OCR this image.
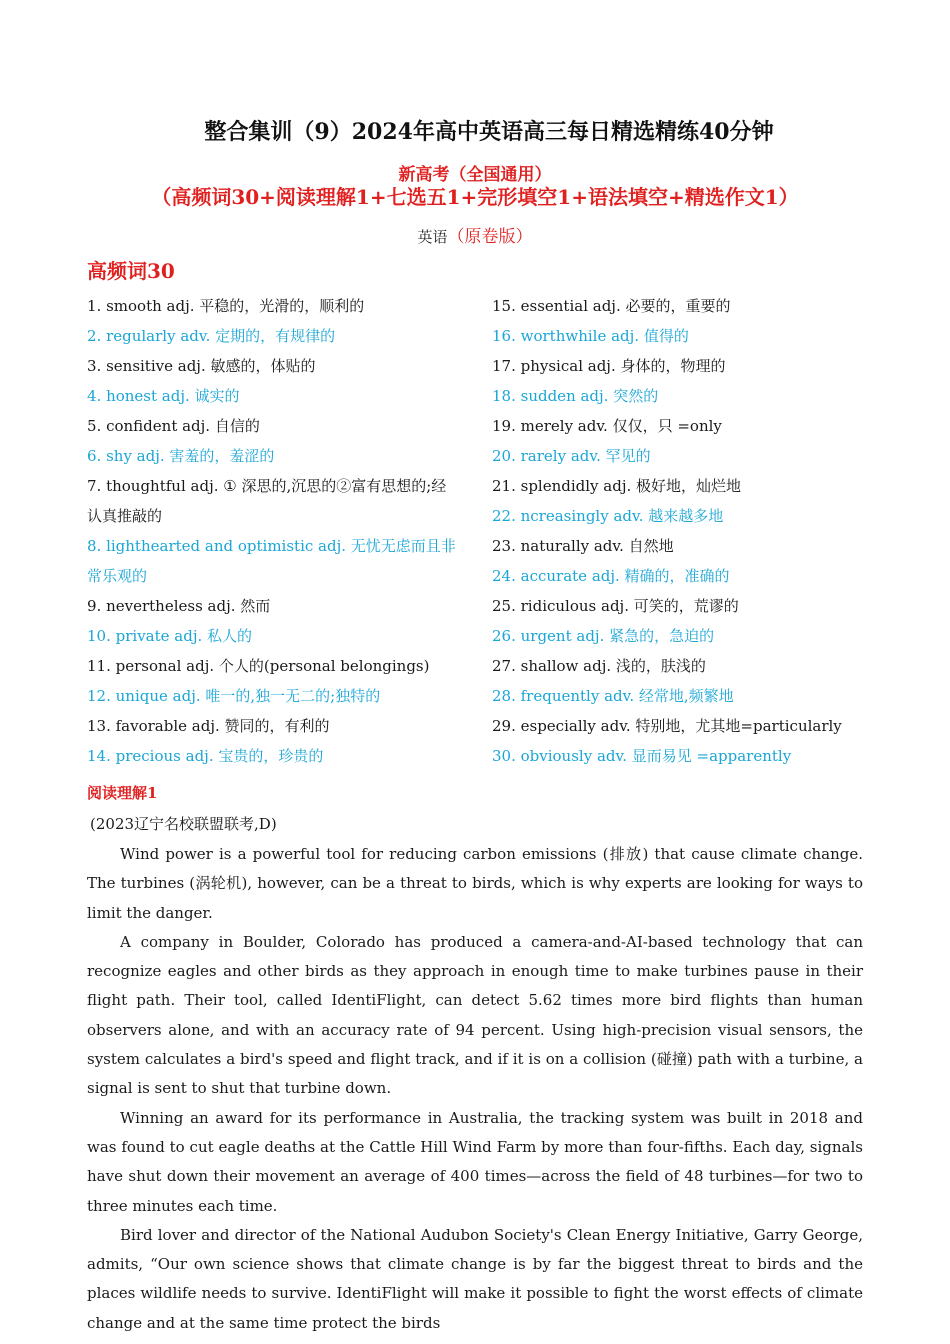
整合集训（9）2024年高中英语高三每日精选精练40分钟
新高考（全国通用）
（高频词30+阅读理解1+七选五1+完形填空1+语法填空+精选作文1）
英语（原卷版）
高频词30
1. smooth adj. 平稳的，光滑的，顺利的
2. regularly adv. 定期的，有规律的
3. sensitive adj. 敏感的，体贴的
4. honest adj. 诚实的
5. confident adj. 自信的
6. shy adj. 害羞的，羞涩的
7. thoughtful adj. ① 深思的,沉思的②富有思想的;经认真推敲的
8. lighthearted and optimistic adj. 无忧无虑而且非常乐观的
9. nevertheless adj. 然而
10. private adj. 私人的
11. personal adj. 个人的(personal belongings)
12. unique adj. 唯一的,独一无二的;独特的
13. favorable adj. 赞同的，有利的
14. precious adj. 宝贵的，珍贵的
15. essential adj. 必要的，重要的
16. worthwhile adj. 值得的
17. physical adj. 身体的，物理的
18. sudden adj. 突然的
19. merely adv. 仅仅，只 =only
20. rarely adv. 罕见的
21. splendidly adj. 极好地，灿烂地
22. ncreasingly adv. 越来越多地
23. naturally adv. 自然地
24. accurate adj. 精确的，准确的
25. ridiculous adj. 可笑的，荒谬的
26. urgent adj. 紧急的，急迫的
27. shallow adj. 浅的，肤浅的
28. frequently adv. 经常地,频繁地
29. especially adv. 特别地，尤其地=particularly
30. obviously adv. 显而易见 =apparently
阅读理解1
(2023辽宁名校联盟联考,D)

Wind power is a powerful tool for reducing carbon emissions (排放) that cause climate change. The turbines (涡轮机), however, can be a threat to birds, which is why experts are looking for ways to limit the danger.

A company in Boulder, Colorado has produced a camera‑and‑AI‑based technology that can recognize eagles and other birds as they approach in enough time to make turbines pause in their flight path. Their tool, called IdentiFlight, can detect 5.62 times more bird flights than human observers alone, and with an accuracy rate of 94 percent. Using high‑precision visual sensors, the system calculates a bird's speed and flight track, and if it is on a collision (碰撞) path with a turbine, a signal is sent to shut that turbine down.

Winning an award for its performance in Australia, the tracking system was built in 2018 and was found to cut eagle deaths at the Cattle Hill Wind Farm by more than four‑fifths. Each day, signals have shut down their movement an average of 400 times—across the field of 48 turbines—for two to three minutes each time.

Bird lover and director of the National Audubon Society's Clean Energy Initiative, Garry George, admits, “Our own science shows that climate change is by far the biggest threat to birds and the places wildlife needs to survive. IdentiFlight will make it possible to fight the worst effects of climate change and at the same time protect the birds
